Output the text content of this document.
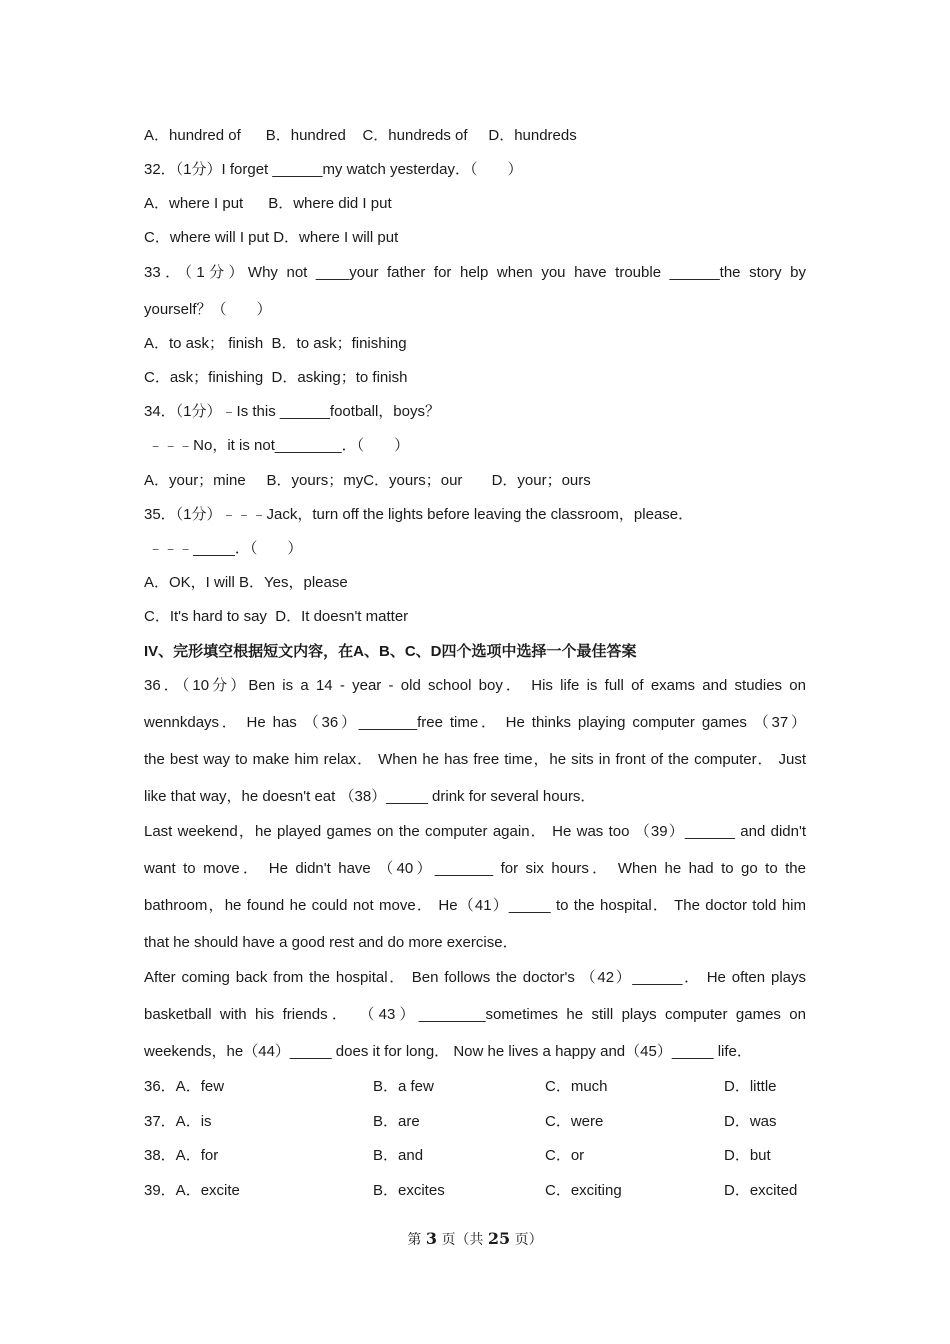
A．hundred of      B．hundred    C．hundreds of     D．hundreds
32．（1分）I forget ______my watch yesterday．（　　）
A．where I put      B．where did I put
C．where will I put D．where I will put
33．（1分）Why not ____your father for help when you have trouble ______the story by
yourself？（　　）
A．to ask； finish  B．to ask；finishing
C．ask；finishing  D．asking；to finish
34．（1分）﹣Is this ______football，boys？
﹣﹣﹣No，it is not________．（　　）
A．your；mine     B．yours；myC．yours；our       D．your；ours
35．（1分）﹣﹣﹣Jack，turn off the lights before leaving the classroom，please．
﹣﹣﹣_____．（　　）
A．OK，I will B．Yes，please
C．It's hard to say  D．It doesn't matter
IV、完形填空根据短文内容，在A、B、C、D四个选项中选择一个最佳答案
36．（10分）Ben is a 14 - year - old school boy． His life is full of exams and studies on
wennkdays． He has （36）_______free time． He thinks playing computer games （37）
the best way to make him relax． When he has free time，he sits in front of the computer． Just
like that way，he doesn't eat （38）_____ drink for several hours．
Last weekend，he played games on the computer again． He was too （39）______ and didn't
want to move． He didn't have （40）_______ for six hours． When he had to go to the
bathroom，he found he could not move． He（41）_____ to the hospital． The doctor told him
that he should have a good rest and do more exercise．
After coming back from the hospital． Ben follows the doctor's （42）______． He often plays
basketball with his friends． （43）________sometimes he still plays computer games on
weekends，he（44）_____ does it for long． Now he lives a happy and（45）_____ life．
36．A．few	B．a few	C．much	D．little
37．A．is	B．are	C．were	D．was
38．A．for	B．and	C．or	D．but
39．A．excite	B．excites	C．exciting	D．excited
第 3 页（共 25 页）
